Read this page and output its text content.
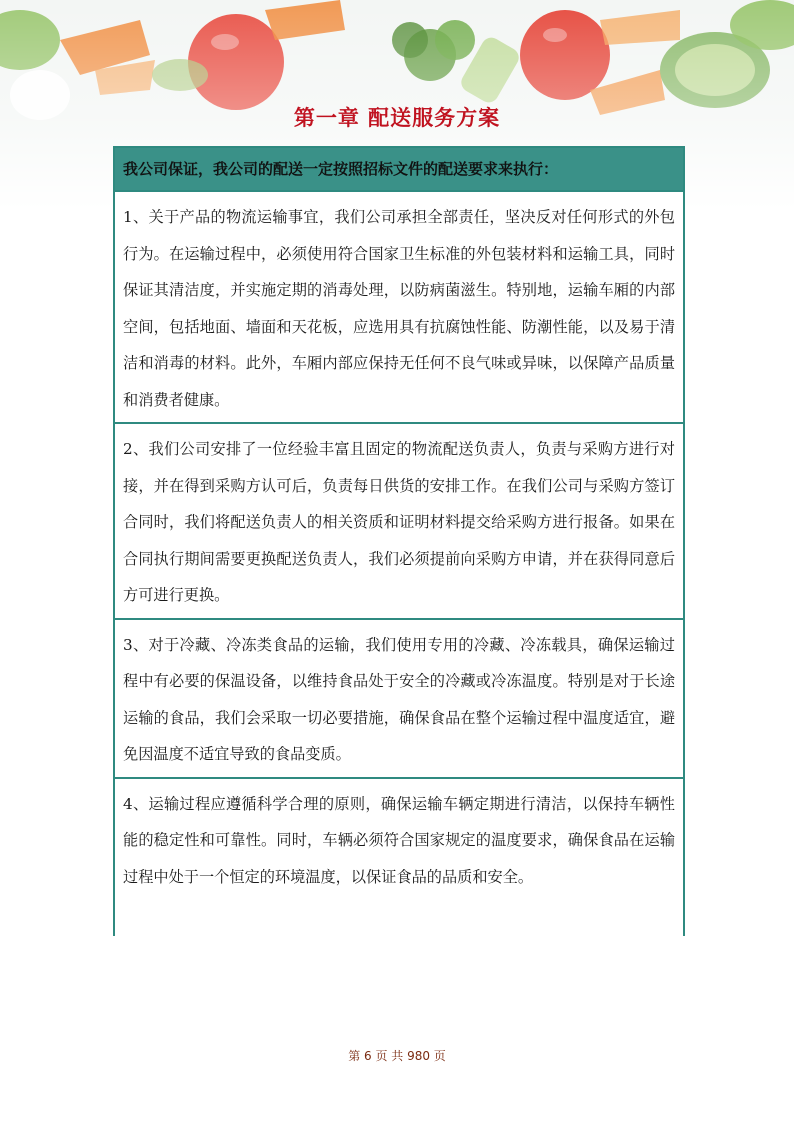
第一章 配送服务方案
我公司保证，我公司的配送一定按照招标文件的配送要求来执行：
1、关于产品的物流运输事宜，我们公司承担全部责任，坚决反对任何形式的外包行为。在运输过程中，必须使用符合国家卫生标准的外包装材料和运输工具，同时保证其清洁度，并实施定期的消毒处理，以防病菌滋生。特别地，运输车厢的内部空间，包括地面、墙面和天花板，应选用具有抗腐蚀性能、防潮性能，以及易于清洁和消毒的材料。此外，车厢内部应保持无任何不良气味或异味，以保障产品质量和消费者健康。
2、我们公司安排了一位经验丰富且固定的物流配送负责人，负责与采购方进行对接，并在得到采购方认可后，负责每日供货的安排工作。在我们公司与采购方签订合同时，我们将配送负责人的相关资质和证明材料提交给采购方进行报备。如果在合同执行期间需要更换配送负责人，我们必须提前向采购方申请，并在获得同意后方可进行更换。
3、对于冷藏、冷冻类食品的运输，我们使用专用的冷藏、冷冻载具，确保运输过程中有必要的保温设备，以维持食品处于安全的冷藏或冷冻温度。特别是对于长途运输的食品，我们会采取一切必要措施，确保食品在整个运输过程中温度适宜，避免因温度不适宜导致的食品变质。
4、运输过程应遵循科学合理的原则，确保运输车辆定期进行清洁，以保持车辆性能的稳定性和可靠性。同时，车辆必须符合国家规定的温度要求，确保食品在运输过程中处于一个恒定的环境温度，以保证食品的品质和安全。
第 6 页 共 980 页
